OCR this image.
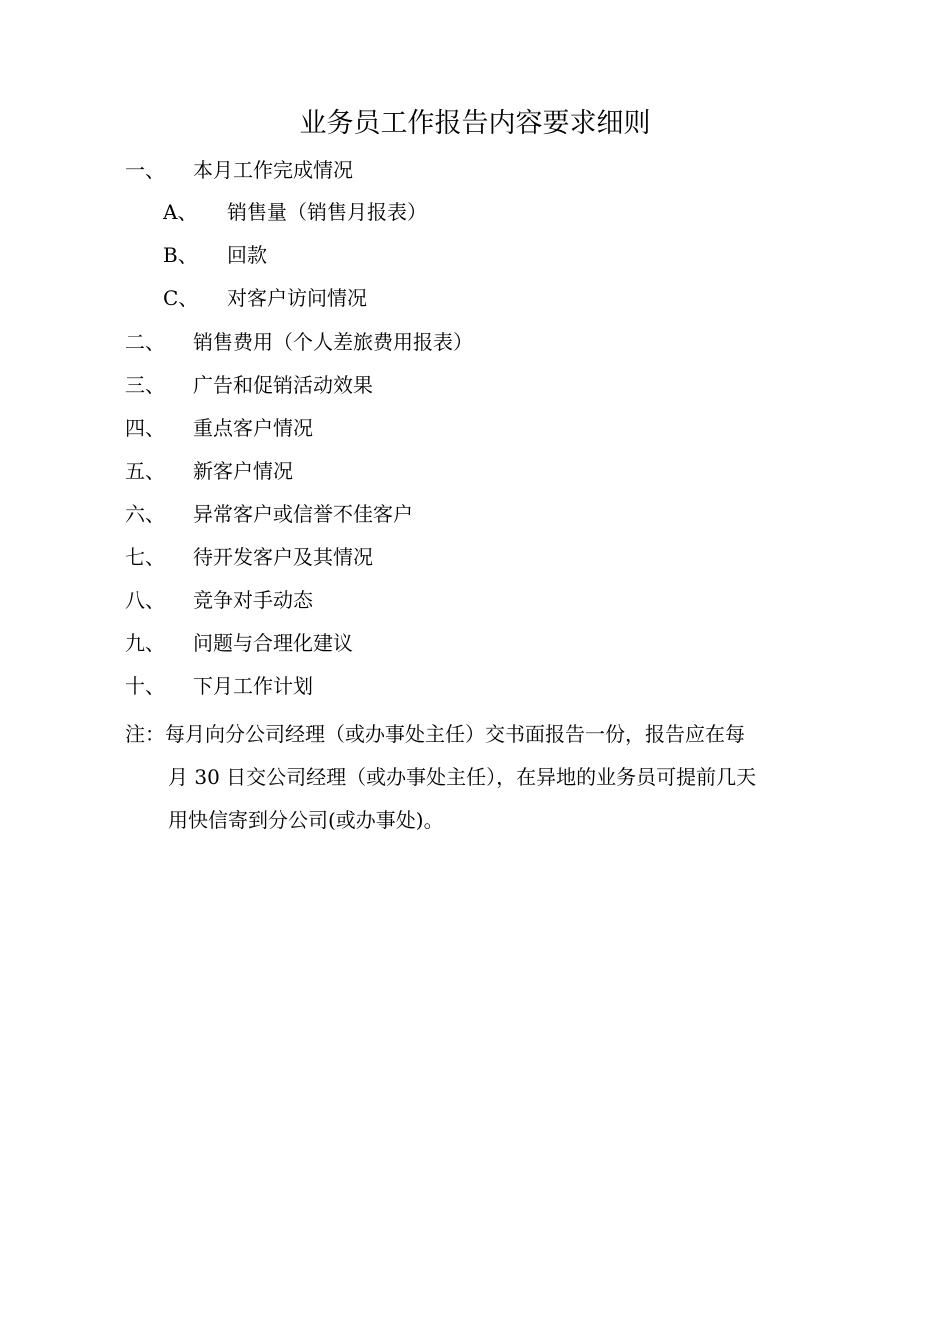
业务员工作报告内容要求细则
一、 本月工作完成情况
A、 销售量（销售月报表）
B、 回款
C、 对客户访问情况
二、 销售费用（个人差旅费用报表）
三、 广告和促销活动效果
四、 重点客户情况
五、 新客户情况
六、 异常客户或信誉不佳客户
七、 待开发客户及其情况
八、 竞争对手动态
九、 问题与合理化建议
十、 下月工作计划
注：每月向分公司经理（或办事处主任）交书面报告一份，报告应在每
月 30 日交公司经理（或办事处主任），在异地的业务员可提前几天
用快信寄到分公司(或办事处)。
